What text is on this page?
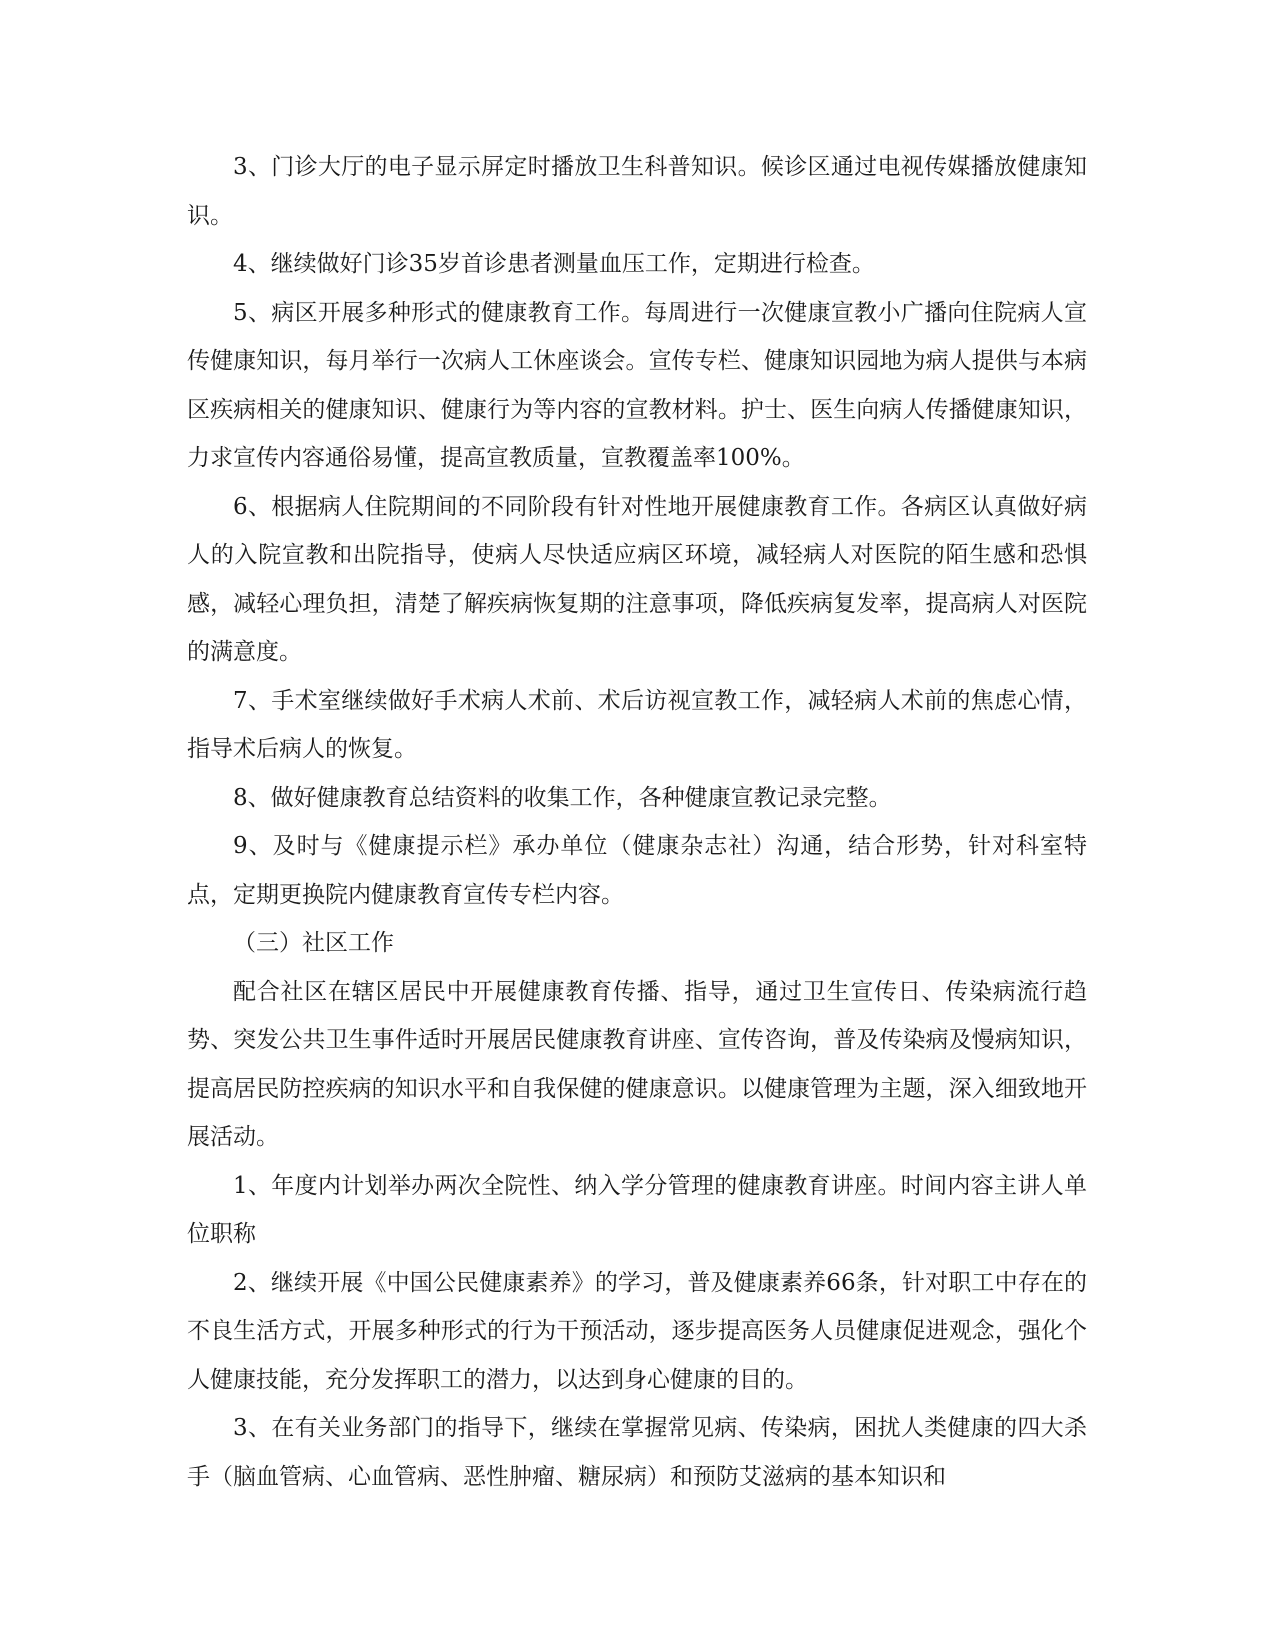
3、门诊大厅的电子显示屏定时播放卫生科普知识。候诊区通过电视传媒播放健康知识。

4、继续做好门诊35岁首诊患者测量血压工作，定期进行检查。

5、病区开展多种形式的健康教育工作。每周进行一次健康宣教小广播向住院病人宣传健康知识，每月举行一次病人工休座谈会。宣传专栏、健康知识园地为病人提供与本病区疾病相关的健康知识、健康行为等内容的宣教材料。护士、医生向病人传播健康知识，力求宣传内容通俗易懂，提高宣教质量，宣教覆盖率100%。

6、根据病人住院期间的不同阶段有针对性地开展健康教育工作。各病区认真做好病人的入院宣教和出院指导，使病人尽快适应病区环境，减轻病人对医院的陌生感和恐惧感，减轻心理负担，清楚了解疾病恢复期的注意事项，降低疾病复发率，提高病人对医院的满意度。

7、手术室继续做好手术病人术前、术后访视宣教工作，减轻病人术前的焦虑心情，指导术后病人的恢复。

8、做好健康教育总结资料的收集工作，各种健康宣教记录完整。

9、及时与《健康提示栏》承办单位（健康杂志社）沟通，结合形势，针对科室特点，定期更换院内健康教育宣传专栏内容。

（三）社区工作

配合社区在辖区居民中开展健康教育传播、指导，通过卫生宣传日、传染病流行趋势、突发公共卫生事件适时开展居民健康教育讲座、宣传咨询，普及传染病及慢病知识，提高居民防控疾病的知识水平和自我保健的健康意识。以健康管理为主题，深入细致地开展活动。

1、年度内计划举办两次全院性、纳入学分管理的健康教育讲座。时间内容主讲人单位职称

2、继续开展《中国公民健康素养》的学习，普及健康素养66条，针对职工中存在的不良生活方式，开展多种形式的行为干预活动，逐步提高医务人员健康促进观念，强化个人健康技能，充分发挥职工的潜力，以达到身心健康的目的。

3、在有关业务部门的指导下，继续在掌握常见病、传染病，困扰人类健康的四大杀手（脑血管病、心血管病、恶性肿瘤、糖尿病）和预防艾滋病的基本知识和
